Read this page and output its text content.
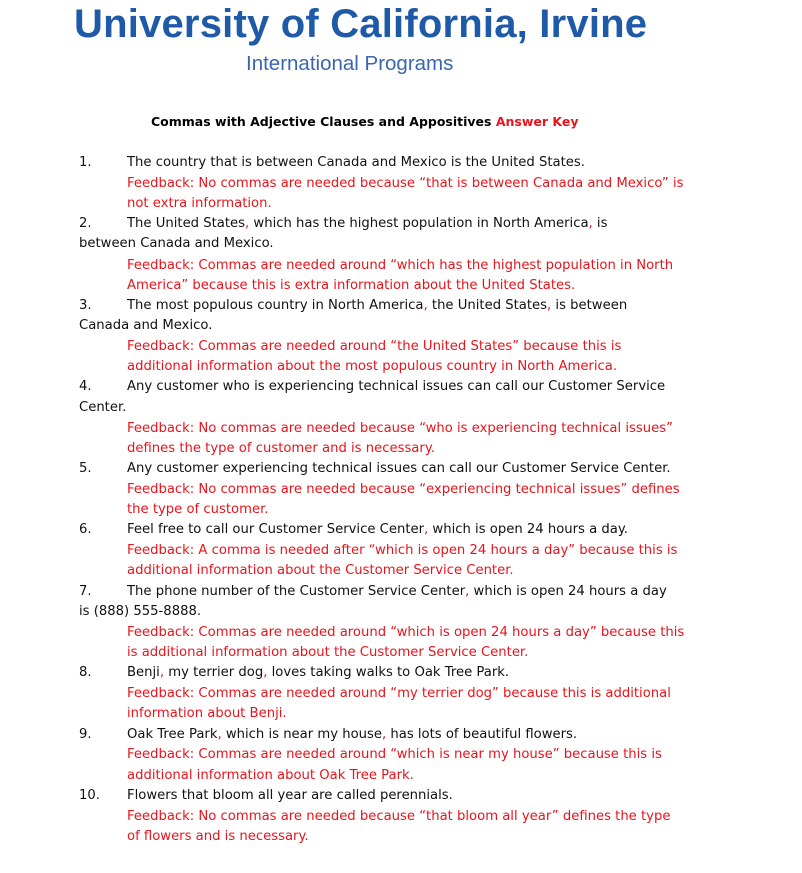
University of California, Irvine
International Programs
Commas with Adjective Clauses and Appositives Answer Key
1.	The country that is between Canada and Mexico is the United States.
Feedback: No commas are needed because “that is between Canada and Mexico” is
not extra information.
2.	The United States, which has the highest population in North America, is
between Canada and Mexico.
Feedback: Commas are needed around “which has the highest population in North
America” because this is extra information about the United States.
3.	The most populous country in North America, the United States, is between
Canada and Mexico.
Feedback: Commas are needed around “the United States” because this is
additional information about the most populous country in North America.
4.	Any customer who is experiencing technical issues can call our Customer Service
Center.
Feedback: No commas are needed because “who is experiencing technical issues”
defines the type of customer and is necessary.
5.	Any customer experiencing technical issues can call our Customer Service Center.
Feedback: No commas are needed because “experiencing technical issues” defines
the type of customer.
6.	Feel free to call our Customer Service Center, which is open 24 hours a day.
Feedback: A comma is needed after “which is open 24 hours a day” because this is
additional information about the Customer Service Center.
7.	The phone number of the Customer Service Center, which is open 24 hours a day
is (888) 555-8888.
Feedback: Commas are needed around “which is open 24 hours a day” because this
is additional information about the Customer Service Center.
8.	Benji, my terrier dog, loves taking walks to Oak Tree Park.
Feedback: Commas are needed around “my terrier dog” because this is additional
information about Benji.
9.	Oak Tree Park, which is near my house, has lots of beautiful flowers.
Feedback: Commas are needed around “which is near my house” because this is
additional information about Oak Tree Park.
10. Flowers that bloom all year are called perennials.
Feedback: No commas are needed because “that bloom all year” defines the type
of flowers and is necessary.
